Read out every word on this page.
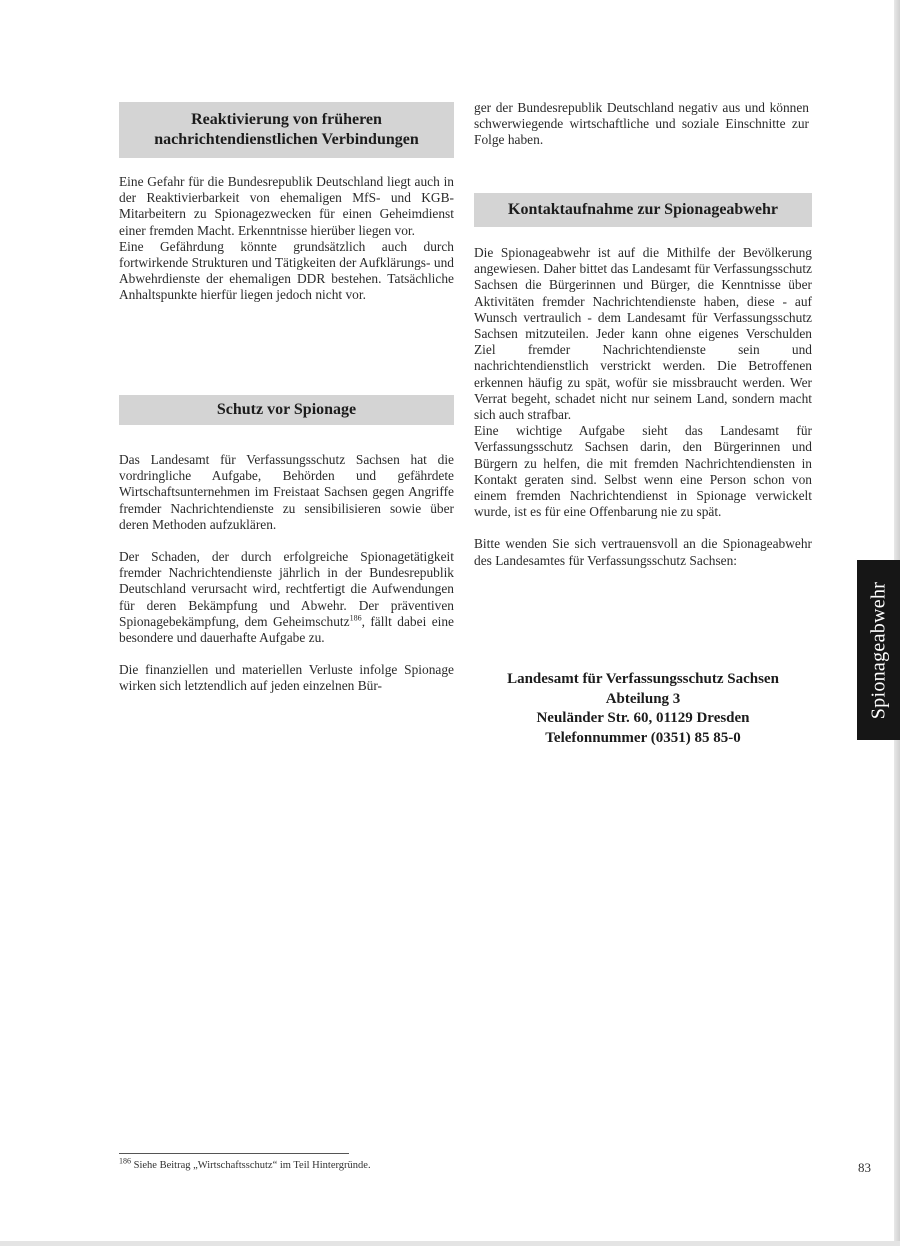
Reaktivierung von früheren nachrichtendienstlichen Verbindungen

Eine Gefahr für die Bundesrepublik Deutschland liegt auch in der Reaktivierbarkeit von ehemaligen MfS- und KGB-Mitarbeitern zu Spionagezwecken für einen Geheimdienst einer fremden Macht. Erkenntnisse hierüber liegen vor.

Eine Gefährdung könnte grundsätzlich auch durch fortwirkende Strukturen und Tätigkeiten der Aufklärungs- und Abwehrdienste der ehemaligen DDR bestehen. Tatsächliche Anhaltspunkte hierfür liegen jedoch nicht vor.

Schutz vor Spionage

Das Landesamt für Verfassungsschutz Sachsen hat die vordringliche Aufgabe, Behörden und gefährdete Wirtschaftsunternehmen im Freistaat Sachsen gegen Angriffe fremder Nachrichtendienste zu sensibilisieren sowie über deren Methoden aufzuklären.

Der Schaden, der durch erfolgreiche Spionagetätigkeit fremder Nachrichtendienste jährlich in der Bundesrepublik Deutschland verursacht wird, rechtfertigt die Aufwendungen für deren Bekämpfung und Abwehr. Der präventiven Spionagebekämpfung, dem Geheimschutz$^{186}$, fällt dabei eine besondere und dauerhafte Aufgabe zu.

Die finanziellen und materiellen Verluste infolge Spionage wirken sich letztendlich auf jeden einzelnen Bür-

ger der Bundesrepublik Deutschland negativ aus und können schwerwiegende wirtschaftliche und soziale Einschnitte zur Folge haben.

Kontaktaufnahme zur Spionageabwehr

Die Spionageabwehr ist auf die Mithilfe der Bevölkerung angewiesen. Daher bittet das Landesamt für Verfassungsschutz Sachsen die Bürgerinnen und Bürger, die Kenntnisse über Aktivitäten fremder Nachrichtendienste haben, diese - auf Wunsch vertraulich - dem Landesamt für Verfassungsschutz Sachsen mitzuteilen. Jeder kann ohne eigenes Verschulden Ziel fremder Nachrichtendienste sein und nachrichtendienstlich verstrickt werden. Die Betroffenen erkennen häufig zu spät, wofür sie missbraucht werden. Wer Verrat begeht, schadet nicht nur seinem Land, sondern macht sich auch strafbar.

Eine wichtige Aufgabe sieht das Landesamt für Verfassungsschutz Sachsen darin, den Bürgerinnen und Bürgern zu helfen, die mit fremden Nachrichtendiensten in Kontakt geraten sind. Selbst wenn eine Person schon von einem fremden Nachrichtendienst in Spionage verwickelt wurde, ist es für eine Offenbarung nie zu spät.

Bitte wenden Sie sich vertrauensvoll an die Spionageabwehr des Landesamtes für Verfassungsschutz Sachsen:

Landesamt für Verfassungsschutz Sachsen
Abteilung 3
Neuländer Str. 60, 01129 Dresden
Telefonnummer (0351) 85 85-0
Spionageabwehr
$^{186}$ Siehe Beitrag „Wirtschaftsschutz“ im Teil Hintergründe.	83
